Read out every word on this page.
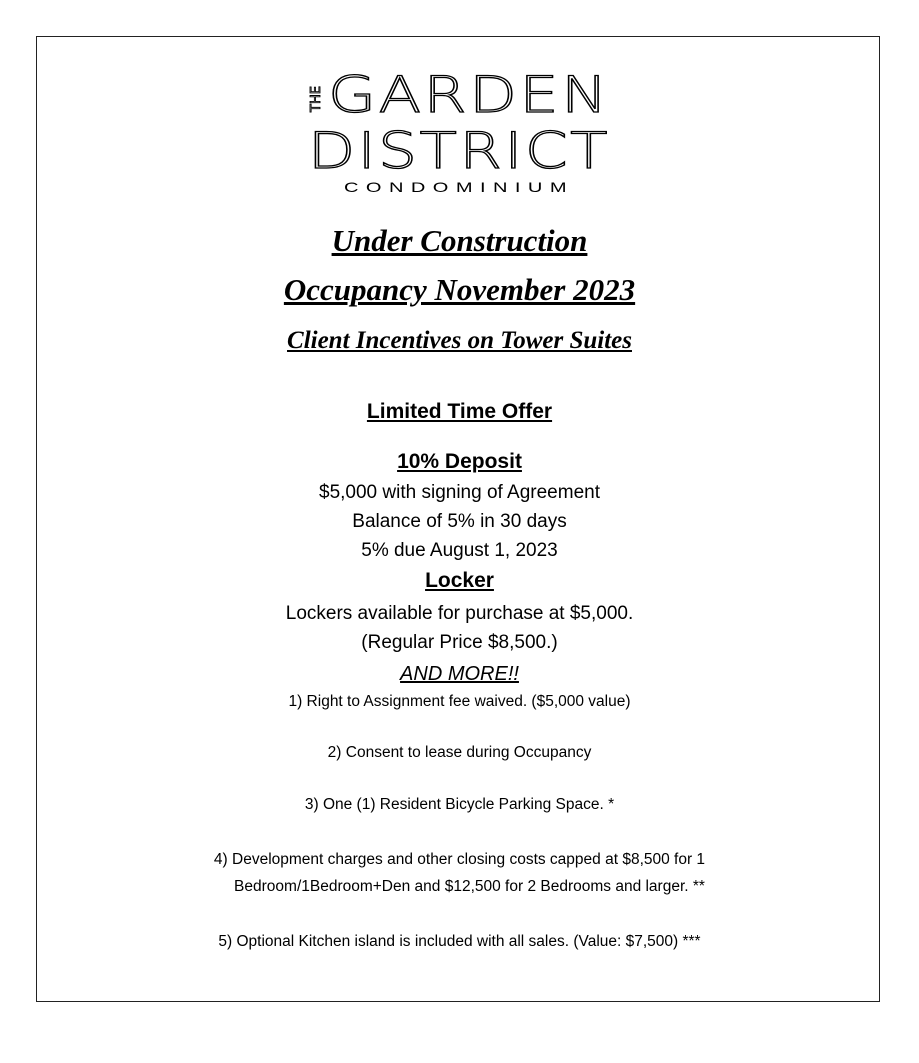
THE GARDEN
DISTRICT
CONDOMINIUM
Under Construction
Occupancy November 2023
Client Incentives on Tower Suites
Limited Time Offer
10% Deposit
$5,000 with signing of Agreement
Balance of 5% in 30 days
5% due August 1, 2023
Locker
Lockers available for purchase at $5,000.
(Regular Price $8,500.)
AND MORE!!
1) Right to Assignment fee waived. ($5,000 value)
2) Consent to lease during Occupancy
3) One (1) Resident Bicycle Parking Space. *
4) Development charges and other closing costs capped at $8,500 for 1
Bedroom/1Bedroom+Den and $12,500 for 2 Bedrooms and larger. **
5) Optional Kitchen island is included with all sales. (Value: $7,500) ***
